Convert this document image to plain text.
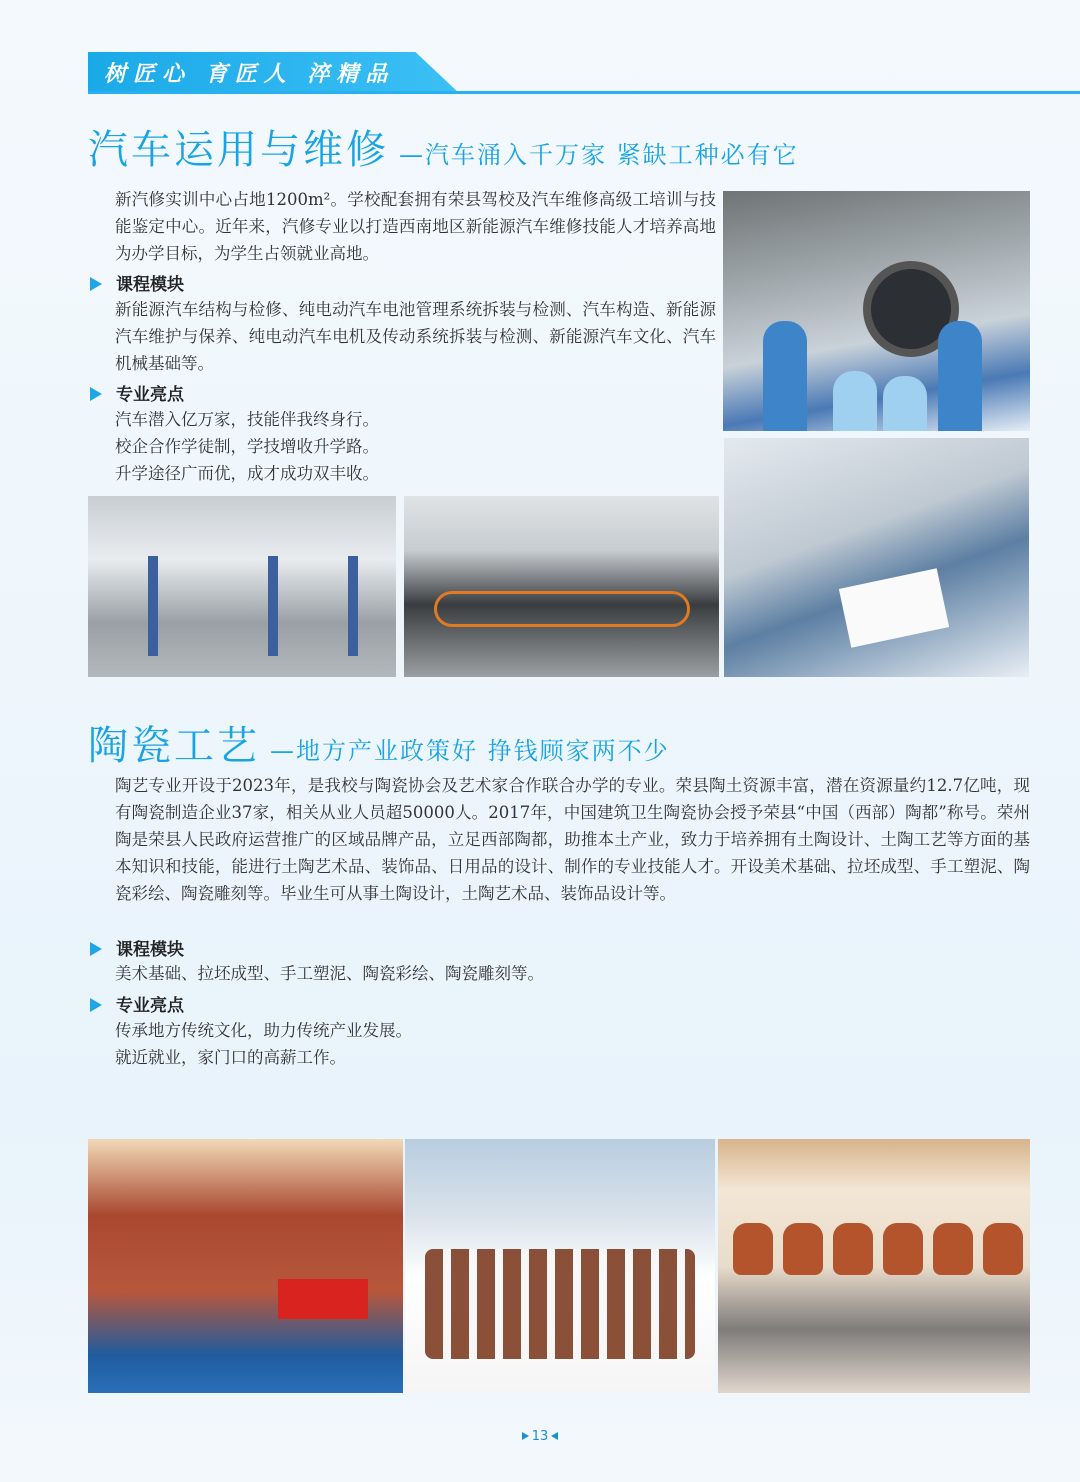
树匠心 育匠人 淬精品
汽车运用与维修 —汽车涌入千万家 紧缺工种必有它

新汽修实训中心占地1200m²。学校配套拥有荣县驾校及汽车维修高级工培训与技能鉴定中心。近年来，汽修专业以打造西南地区新能源汽车维修技能人才培养高地为办学目标，为学生占领就业高地。

课程模块

新能源汽车结构与检修、纯电动汽车电池管理系统拆装与检测、汽车构造、新能源汽车维护与保养、纯电动汽车电机及传动系统拆装与检测、新能源汽车文化、汽车机械基础等。

专业亮点

汽车潜入亿万家，技能伴我终身行。

校企合作学徒制，学技增收升学路。

升学途径广而优，成才成功双丰收。

陶瓷工艺 —地方产业政策好 挣钱顾家两不少

陶艺专业开设于2023年，是我校与陶瓷协会及艺术家合作联合办学的专业。荣县陶土资源丰富，潜在资源量约12.7亿吨，现有陶瓷制造企业37家，相关从业人员超50000人。2017年，中国建筑卫生陶瓷协会授予荣县“中国（西部）陶都”称号。荣州陶是荣县人民政府运营推广的区域品牌产品，立足西部陶都，助推本土产业，致力于培养拥有土陶设计、土陶工艺等方面的基本知识和技能，能进行土陶艺术品、装饰品、日用品的设计、制作的专业技能人才。开设美术基础、拉坯成型、手工塑泥、陶瓷彩绘、陶瓷雕刻等。毕业生可从事土陶设计，土陶艺术品、装饰品设计等。

课程模块

美术基础、拉坯成型、手工塑泥、陶瓷彩绘、陶瓷雕刻等。

专业亮点

传承地方传统文化，助力传统产业发展。

就近就业，家门口的高薪工作。

13
